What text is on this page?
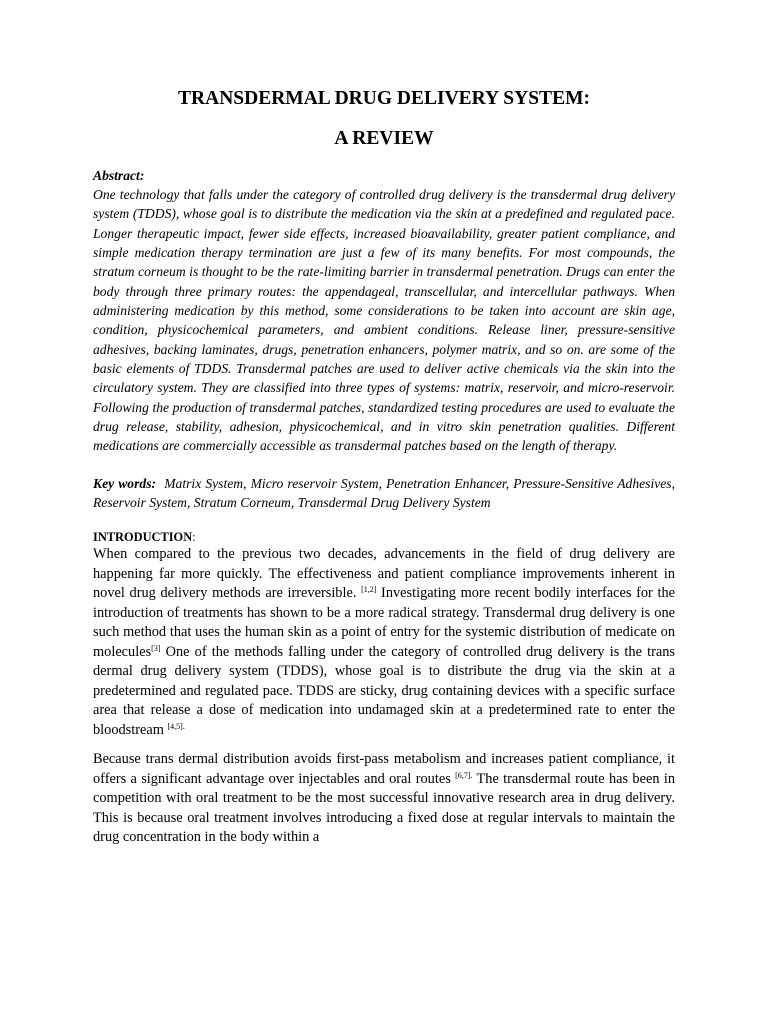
TRANSDERMAL DRUG DELIVERY SYSTEM:
A REVIEW
Abstract:

One technology that falls under the category of controlled drug delivery is the transdermal drug delivery system (TDDS), whose goal is to distribute the medication via the skin at a predefined and regulated pace. Longer therapeutic impact, fewer side effects, increased bioavailability, greater patient compliance, and simple medication therapy termination are just a few of its many benefits. For most compounds, the stratum corneum is thought to be the rate-limiting barrier in transdermal penetration. Drugs can enter the body through three primary routes: the appendageal, transcellular, and intercellular pathways. When administering medication by this method, some considerations to be taken into account are skin age, condition, physicochemical parameters, and ambient conditions. Release liner, pressure-sensitive adhesives, backing laminates, drugs, penetration enhancers, polymer matrix, and so on. are some of the basic elements of TDDS. Transdermal patches are used to deliver active chemicals via the skin into the circulatory system. They are classified into three types of systems: matrix, reservoir, and micro-reservoir. Following the production of transdermal patches, standardized testing procedures are used to evaluate the drug release, stability, adhesion, physicochemical, and in vitro skin penetration qualities. Different medications are commercially accessible as transdermal patches based on the length of therapy.

Key words: Matrix System, Micro reservoir System, Penetration Enhancer, Pressure-Sensitive Adhesives, Reservoir System, Stratum Corneum, Transdermal Drug Delivery System
INTRODUCTION:

When compared to the previous two decades, advancements in the field of drug delivery are happening far more quickly. The effectiveness and patient compliance improvements inherent in novel drug delivery methods are irreversible. [1,2] Investigating more recent bodily interfaces for the introduction of treatments has shown to be a more radical strategy. Transdermal drug delivery is one such method that uses the human skin as a point of entry for the systemic distribution of medicate on molecules[3] One of the methods falling under the category of controlled drug delivery is the trans dermal drug delivery system (TDDS), whose goal is to distribute the drug via the skin at a predetermined and regulated pace. TDDS are sticky, drug containing devices with a specific surface area that release a dose of medication into undamaged skin at a predetermined rate to enter the bloodstream $^{[4,5].}$

Because trans dermal distribution avoids first-pass metabolism and increases patient compliance, it offers a significant advantage over injectables and oral routes $^{[6,7].}$ The transdermal route has been in competition with oral treatment to be the most successful innovative research area in drug delivery. This is because oral treatment involves introducing a fixed dose at regular intervals to maintain the drug concentration in the body within a
